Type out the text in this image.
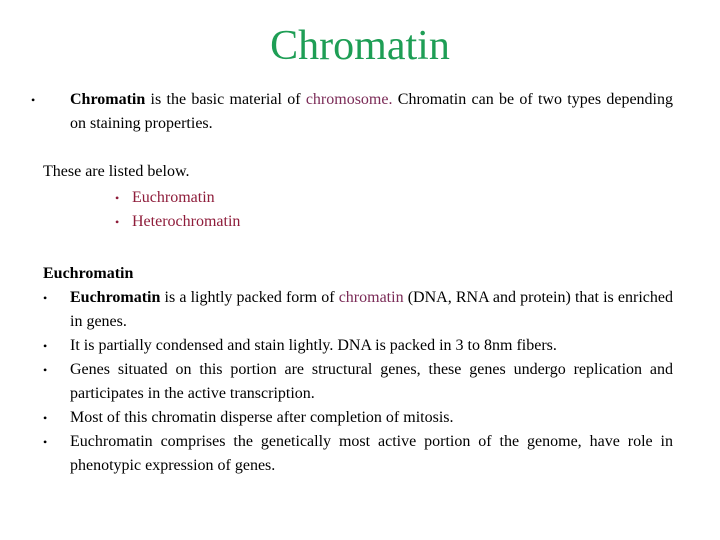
Chromatin
• Chromatin is the basic material of chromosome. Chromatin can be of two types depending on staining properties.
These are listed below.
• Euchromatin
• Heterochromatin
Euchromatin
• Euchromatin is a lightly packed form of chromatin (DNA, RNA and protein) that is enriched in genes.
• It is partially condensed and stain lightly. DNA is packed in 3 to 8nm fibers.
• Genes situated on this portion are structural genes, these genes undergo replication and participates in the active transcription.
• Most of this chromatin disperse after completion of mitosis.
• Euchromatin comprises the genetically most active portion of the genome, have role in phenotypic expression of genes.
